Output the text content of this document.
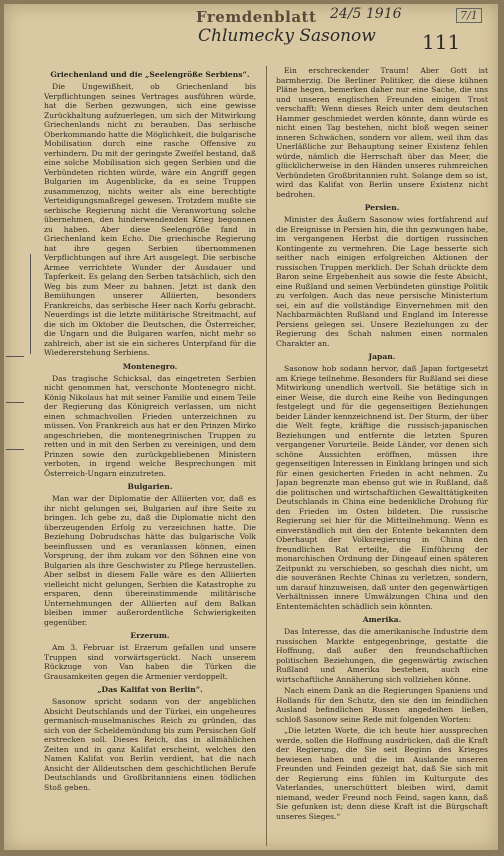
Fremdenblatt 24/5 1916	7/1
Chlumecky Sasonow 111
Griechenland und die „Seelengröße Serbiens“.

Die Ungewißheit, ob Griechenland bis Verpflichtungen seines Vertrages ausführen würde, hat die Serben gezwungen, sich eine gewisse Zurückhaltung aufzuerlegen, um sich der Mitwirkung Griechenlands nicht zu berauben. Das serbische Oberkommando hatte die Möglichkeit, die bulgarische Mobilisation durch eine rasche Offensive zu verhindern. Du mit der geringste Zweifel bestand, daß eine solche Mobilisation sich gegen Serbien und die Verbündeten richten würde, wäre ein Angriff gegen Bulgarien im Augenblicke, da es seine Truppen zusammenzog, nichts weiter als eine berechtigte Verteidigungsmaßregel gewesen. Trotzdem mußte sie serbische Regierung nicht die Veranwortung solche übernehmen, den hinderwendenden Krieg begonnen zu haben. Aber diese Seelengröße fand in Griechenland kein Echo. Die griechische Regierung hat ihre gegen Serbien übernommenen Verpflichtungen auf ihre Art ausgelegt. Die serbische Armee verrichtete Wunder der Ausdauer und Tapferkeit. Es gelang den Serben tatsächlich, sich den Weg bis zum Meer zu bahnen. Jetzt ist dank den Bemühungen unserer Alliierten, besonders Frankreichs, das serbische Heer nach Korfu gebracht. Neuerdings ist die letzte militärische Streitmacht, auf die sich im Oktober die Deutschen, die Österreicher, die Ungarn und die Bulgaren warfen, nicht mehr so zahlreich, aber ist sie ein sicheres Unterpfand für die Wiedererstehung Serbiens.

Montenegro.

Das tragische Schicksal, das eingetreten Serbien nicht genommen hat, verschonte Montenegro nicht. König Nikolaus hat mit seiner Familie und einem Teile der Regierung das Königreich verlassen, um nicht einen schmachvollen Frieden unterzeichnen zu müssen. Von Frankreich aus hat er den Prinzen Mirko angeschrieben, die montenegrinischen Truppen zu retten und in mit den Serben zu vereinigen, und dem Prinzen sowie den zurückgebliebenen Ministern verboten, in irgend welche Besprechungen mit Österreich-Ungarn einzutreten.

Bulgarien.

Man war der Diplomatie der Alliierten vor, daß es ihr nicht gelungen sei, Bulgarien auf ihre Seite zu bringen. Ich gebe zu, daß die Diplomatie nicht den überzeugenden Erfolg zu verzeichnen hatte. Die Beziehung Dobrudschas hätte das bulgarische Volk beeinflussen und es veranlassen können, einen Vorsprung, der ihm zukam vor den Söhnen eine von Bulgarien als ihre Geschwister zu Pflege herzustellen. Aber selbst in diesem Falle wäre es den Alliierten vielleicht nicht gelungen, Serbien die Katastrophe zu ersparen, denn übereinstimmende militärische Unternehmungen der Alliierten auf dem Balkan bleiben immer außerordentliche Schwierigkeiten gegenüber.

Erzerum.

Am 3. Februar ist Erzerum gefallen und unsere Truppen sind vorwärtsgerückt. Nach unserem Rückzuge von Van haben die Türken die Grausamkeiten gegen die Armenier verdoppelt.

„Das Kalifat von Berlin“.

Sasonow spricht sodann von der angeblichen Absicht Deutschlands und der Türkei, ein ungeheures germanisch-muselmanisches Reich zu gründen, das sich von der Scheldemündung bis zum Persischen Golf erstrecken soll. Dieses Reich, das in allmählichen Zeiten und in ganz Kalifat erscheint, welches den Namen Kalifat von Berlin verdient, hat die nach Ansicht der Alldeutschen dem geschichtlichen Berufe Deutschlands und Großbritanniens einen tödlichen Stoß geben.

Ein erschreckender Traum! Aber Gott ist barmherzig. Die Berliner Politiker, die diese kühnen Pläne hegen, bemerken daher nur eine Sache, die uns und unseren englischen Freunden einigen Trost verschafft: Wenn dieses Reich unter dem deutschen Hammer geschmiedet werden könnte, dann würde es nicht einen Tag bestehen, nicht bloß wegen seiner inneren Schwächen, sondern vor allem, weil ihm das Unerläßliche zur Behauptung seiner Existenz fehlen würde, nämlich die Herrschaft über das Meer, die glücklicherweise in den Händen unseres ruhmreichen Verbündeten Großbritannien ruht. Solange dem so ist, wird das Kalifat von Berlin unsere Existenz nicht bedrohen.

Persien.

Minister des Äußern Sasonow wies fortfahrend auf die Ereignisse in Persien hin, die ihn gezwungen habe, im vergangenen Herbst die dortigen russischen Kontingente zu vermehren. Die Lage besserte sich seither nach einigen erfolgreichen Aktionen der russischen Truppen merklich. Der Schah drückte dem Baron seine Ergebenheit aus sowie die feste Absicht, eine Rußland und seinen Verbündeten günstige Politik zu verfolgen. Auch das neue persische Ministerium sei, ein auf die vollständige Einvernehmen mit den Nachbarmächten Rußland und England im Interesse Persiens gelegen sei. Unsere Beziehungen zu der Regierung des Schah nahmen einen normalen Charakter an.

Japan.

Sasonow hob sodann hervor, daß Japan fortgesetzt am Kriege teilnehme. Besonders für Rußland sei diese Mitwirkung unendlich wertvoll. Sie betätige sich in einer Weise, die durch eine Reihe von Bedingungen festgelegt und für die gegenseitigen Beziehungen beider Länder kennzeichnend ist. Der Sturm, der über die Welt fegte, kräftige die russisch-japanischen Beziehungen und entfernte die letzten Spuren vergangener Vorurteile. Beide Länder, vor denen sich schöne Aussichten eröffnen, müssen ihre gegenseitigen Interessen in Einklang bringen und sich für einen gesicherten Frieden in acht nehmen. Zu Japan begrenzte man ebenso gut wie in Rußland, daß die politischen und wirtschaftlichen Gewalttätigkeiten Deutschlands in China eine bedenkliche Drohung für den Frieden im Osten bildeten. Die russische Regierung sei hier für die Mitteilnehmung. Wenn es einverständlich mit den der Entente bekannten dem Oberhaupt der Volksregierung in China den freundlichen Rat erteilte, die Einführung der monarchischen Ordnung der Dingeauf einen späteren Zeitpunkt zu verschieben, so geschah dies nicht, um die souveränen Rechte Chinas zu verletzen, sondern, um darauf hinzuweisen, daß unter den gegenwärtigen Verhältnissen innere Umwälzungen China und den Ententemächten schädlich sein könnten.

Amerika.

Das Interesse, das die amerikanische Industrie dem russischen Markte entgegenbringe, gestatte die Hoffnung, daß außer den freundschaftlichen politischen Beziehungen, die gegenwärtig zwischen Rußland und Amerika bestehen, auch eine wirtschaftliche Annäherung sich vollziehen könne.

Nach einem Dank an die Regierungen Spaniens und Hollands für den Schutz, den sie den im feindlichen Ausland befindlichen Russen angedeihen ließen, schloß Sasonow seine Rede mit folgenden Worten:

„Die letzten Worte, die ich heute hier aussprechen werde, sollen die Hoffnung ausdrücken, daß die Kraft der Regierung, die Sie seit Beginn des Krieges bewiesen haben und die im Auslande unseren Freunden und Feinden gezeigt hat, daß Sie sich mit der Regierung eins fühlen im Kulturgute des Vaterlandes, unerschüttert bleiben wird, damit niemand, weder Freund noch Feind, sagen kann, daß Sie gefunken ist; denn diese Kraft ist die Bürgschaft unseres Sieges.“
